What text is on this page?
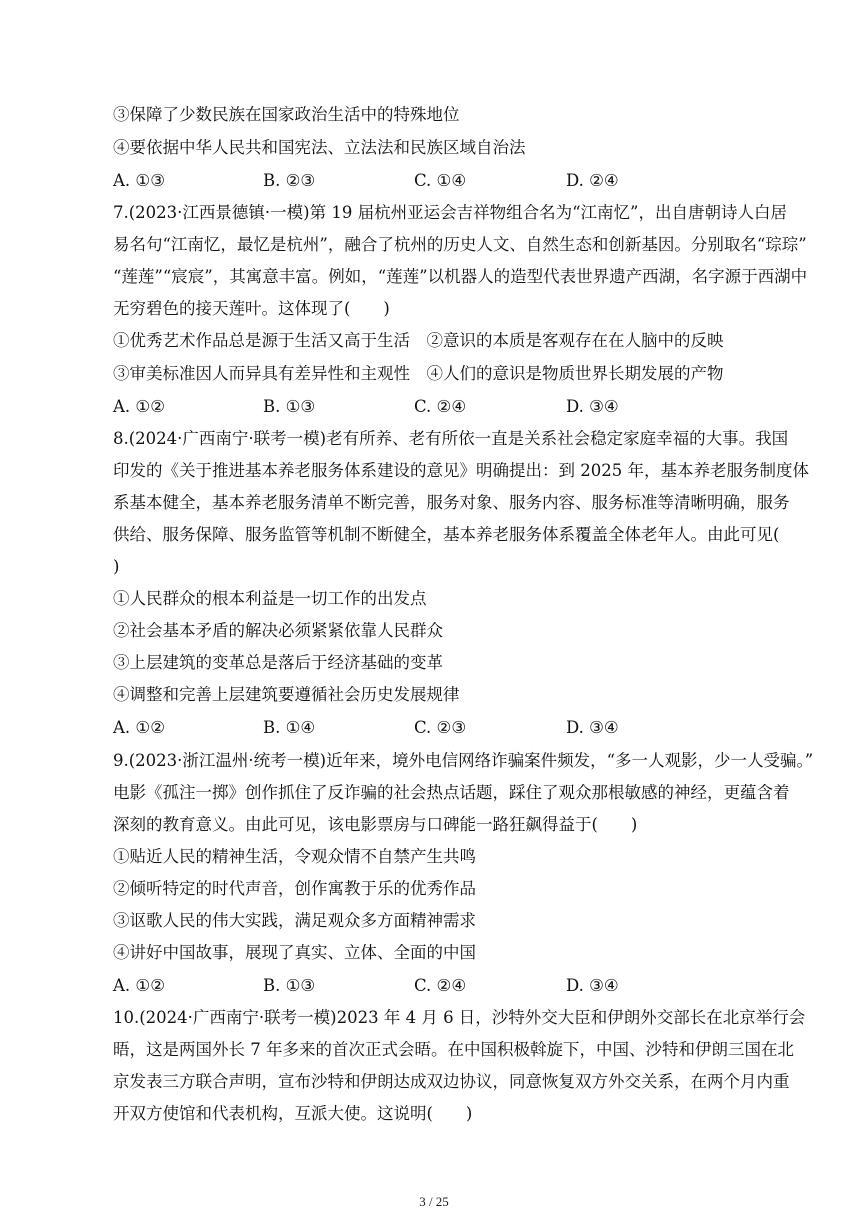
③保障了少数民族在国家政治生活中的特殊地位
④要依据中华人民共和国宪法、立法法和民族区域自治法
A. ①③	B. ②③	C. ①④	D. ②④
7.(2023·江西景德镇·一模)第 19 届杭州亚运会吉祥物组合名为“江南忆”，出自唐朝诗人白居
易名句“江南忆，最忆是杭州”，融合了杭州的历史人文、自然生态和创新基因。分别取名“琮琮”
“莲莲”“宸宸”，其寓意丰富。例如，“莲莲”以机器人的造型代表世界遗产西湖，名字源于西湖中
无穷碧色的接天莲叶。这体现了(　　)
①优秀艺术作品总是源于生活又高于生活　②意识的本质是客观存在在人脑中的反映
③审美标准因人而异具有差异性和主观性　④人们的意识是物质世界长期发展的产物
A. ①②	B. ①③	C. ②④	D. ③④
8.(2024·广西南宁·联考一模)老有所养、老有所依一直是关系社会稳定家庭幸福的大事。我国
印发的《关于推进基本养老服务体系建设的意见》明确提出：到 2025 年，基本养老服务制度体
系基本健全，基本养老服务清单不断完善，服务对象、服务内容、服务标准等清晰明确，服务
供给、服务保障、服务监管等机制不断健全，基本养老服务体系覆盖全体老年人。由此可见(
)
①人民群众的根本利益是一切工作的出发点
②社会基本矛盾的解决必须紧紧依靠人民群众
③上层建筑的变革总是落后于经济基础的变革
④调整和完善上层建筑要遵循社会历史发展规律
A. ①②	B. ①④	C. ②③	D. ③④
9.(2023·浙江温州·统考一模)近年来，境外电信网络诈骗案件频发，“多一人观影，少一人受骗。”
电影《孤注一掷》创作抓住了反诈骗的社会热点话题，踩住了观众那根敏感的神经，更蕴含着
深刻的教育意义。由此可见，该电影票房与口碑能一路狂飙得益于(　　)
①贴近人民的精神生活，令观众情不自禁产生共鸣
②倾听特定的时代声音，创作寓教于乐的优秀作品
③讴歌人民的伟大实践，满足观众多方面精神需求
④讲好中国故事，展现了真实、立体、全面的中国
A. ①②	B. ①③	C. ②④	D. ③④
10.(2024·广西南宁·联考一模)2023 年 4 月 6 日，沙特外交大臣和伊朗外交部长在北京举行会
晤，这是两国外长 7 年多来的首次正式会晤。在中国积极斡旋下，中国、沙特和伊朗三国在北
京发表三方联合声明，宣布沙特和伊朗达成双边协议，同意恢复双方外交关系，在两个月内重
开双方使馆和代表机构，互派大使。这说明(　　)
3 / 25
